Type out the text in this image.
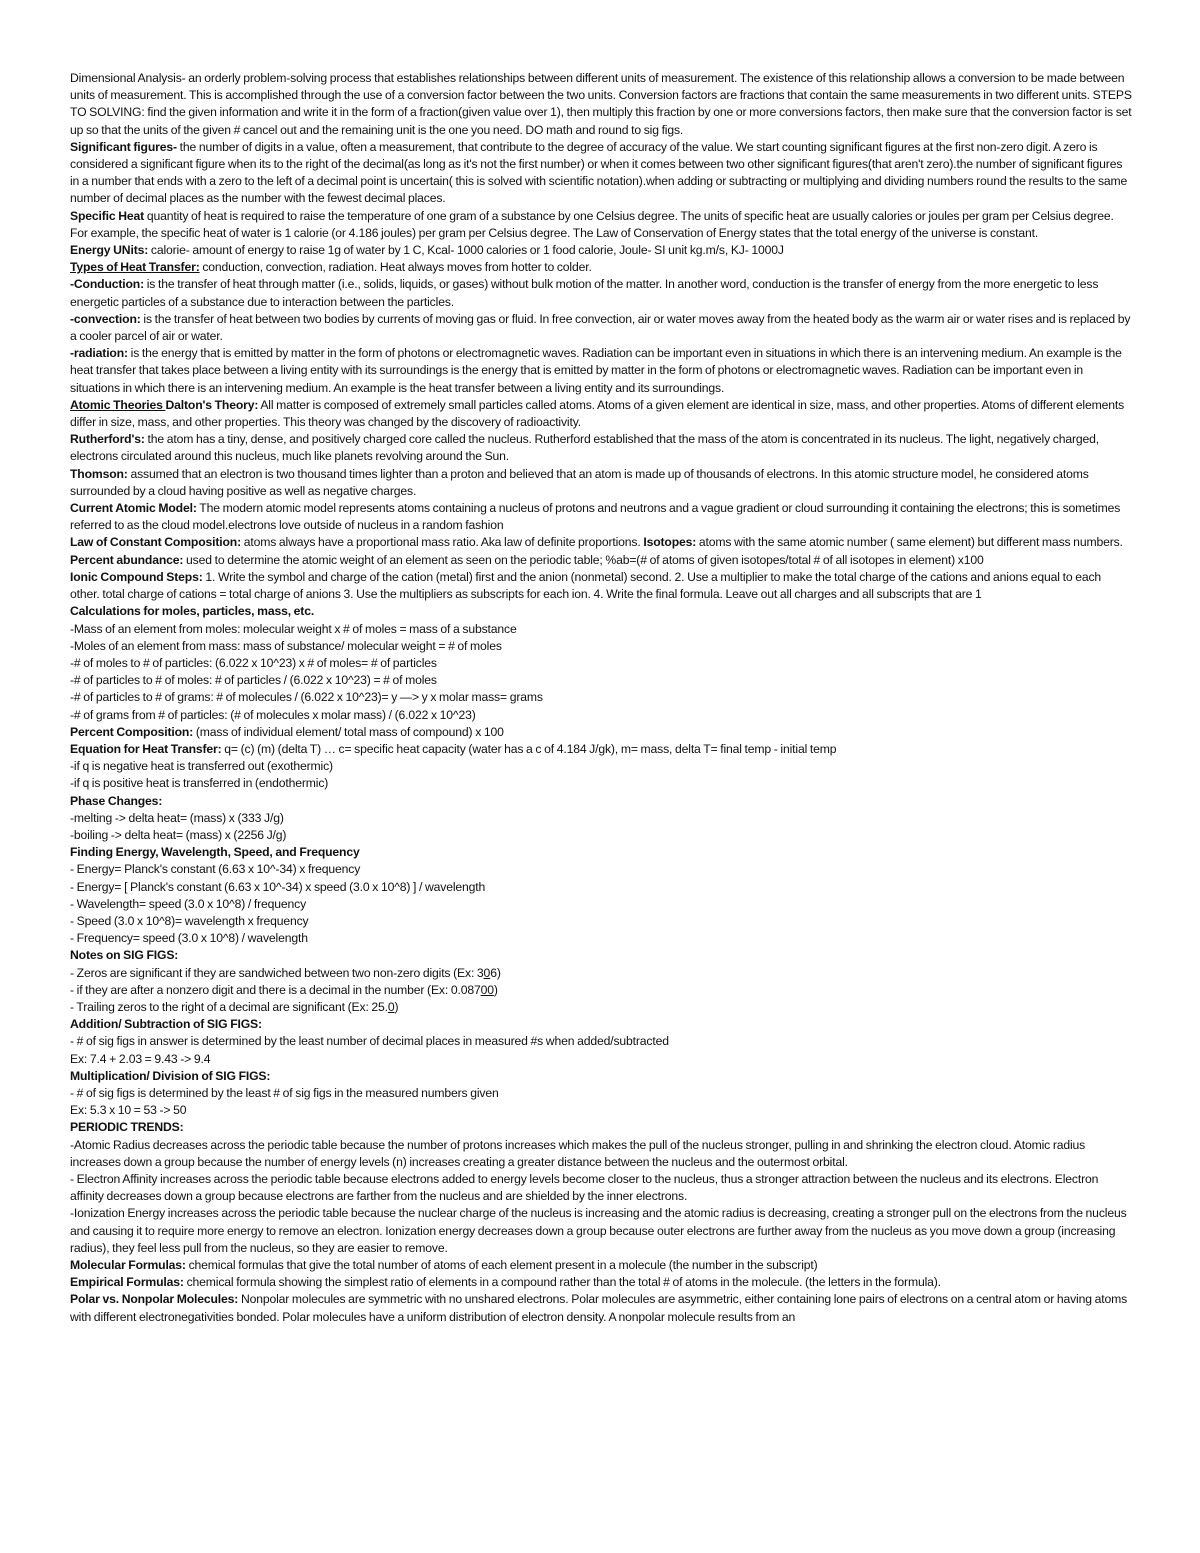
Dimensional Analysis- an orderly problem-solving process that establishes relationships between different units of measurement. The existence of this relationship allows a conversion to be made between units of measurement. This is accomplished through the use of a conversion factor between the two units. Conversion factors are fractions that contain the same measurements in two different units. STEPS TO SOLVING: find the given information and write it in the form of a fraction(given value over 1), then multiply this fraction by one or more conversions factors, then make sure that the conversion factor is set up so that the units of the given # cancel out and the remaining unit is the one you need. DO math and round to sig figs.

Significant figures- the number of digits in a value, often a measurement, that contribute to the degree of accuracy of the value. We start counting significant figures at the first non-zero digit. A zero is considered a significant figure when its to the right of the decimal(as long as it's not the first number) or when it comes between two other significant figures(that aren't zero).the number of significant figures in a number that ends with a zero to the left of a decimal point is uncertain( this is solved with scientific notation).when adding or subtracting or multiplying and dividing numbers round the results to the same number of decimal places as the number with the fewest decimal places.

Specific Heat quantity of heat is required to raise the temperature of one gram of a substance by one Celsius degree. The units of specific heat are usually calories or joules per gram per Celsius degree. For example, the specific heat of water is 1 calorie (or 4.186 joules) per gram per Celsius degree. The Law of Conservation of Energy states that the total energy of the universe is constant.

Energy UNits: calorie- amount of energy to raise 1g of water by 1 C, Kcal- 1000 calories or 1 food calorie, Joule- SI unit kg.m/s, KJ- 1000J

Types of Heat Transfer: conduction, convection, radiation. Heat always moves from hotter to colder.

-Conduction: is the transfer of heat through matter (i.e., solids, liquids, or gases) without bulk motion of the matter. In another word, conduction is the transfer of energy from the more energetic to less energetic particles of a substance due to interaction between the particles.

-convection: is the transfer of heat between two bodies by currents of moving gas or fluid. In free convection, air or water moves away from the heated body as the warm air or water rises and is replaced by a cooler parcel of air or water.

-radiation: is the energy that is emitted by matter in the form of photons or electromagnetic waves. Radiation can be important even in situations in which there is an intervening medium. An example is the heat transfer that takes place between a living entity with its surroundings is the energy that is emitted by matter in the form of photons or electromagnetic waves. Radiation can be important even in situations in which there is an intervening medium. An example is the heat transfer between a living entity and its surroundings.

Atomic Theories Dalton's Theory: All matter is composed of extremely small particles called atoms. Atoms of a given element are identical in size, mass, and other properties. Atoms of different elements differ in size, mass, and other properties. This theory was changed by the discovery of radioactivity.

Rutherford's: the atom has a tiny, dense, and positively charged core called the nucleus. Rutherford established that the mass of the atom is concentrated in its nucleus. The light, negatively charged, electrons circulated around this nucleus, much like planets revolving around the Sun.

Thomson: assumed that an electron is two thousand times lighter than a proton and believed that an atom is made up of thousands of electrons. In this atomic structure model, he considered atoms surrounded by a cloud having positive as well as negative charges.

Current Atomic Model: The modern atomic model represents atoms containing a nucleus of protons and neutrons and a vague gradient or cloud surrounding it containing the electrons; this is sometimes referred to as the cloud model.electrons love outside of nucleus in a random fashion

Law of Constant Composition: atoms always have a proportional mass ratio. Aka law of definite proportions. Isotopes: atoms with the same atomic number ( same element) but different mass numbers.

Percent abundance: used to determine the atomic weight of an element as seen on the periodic table; %ab=(# of atoms of given isotopes/total # of all isotopes in element) x100

Ionic Compound Steps: 1. Write the symbol and charge of the cation (metal) first and the anion (nonmetal) second. 2. Use a multiplier to make the total charge of the cations and anions equal to each other. total charge of cations = total charge of anions 3. Use the multipliers as subscripts for each ion. 4. Write the final formula. Leave out all charges and all subscripts that are 1

Calculations for moles, particles, mass, etc.

-Mass of an element from moles: molecular weight x # of moles = mass of a substance

-Moles of an element from mass: mass of substance/ molecular weight = # of moles

-# of moles to # of particles: (6.022 x 10^23) x # of moles= # of particles

-# of particles to # of moles: # of particles / (6.022 x 10^23) = # of moles

-# of particles to # of grams: # of molecules / (6.022 x 10^23)= y —> y x molar mass= grams

-# of grams from # of particles: (# of molecules x molar mass) / (6.022 x 10^23)

Percent Composition: (mass of individual element/ total mass of compound) x 100

Equation for Heat Transfer: q= (c) (m) (delta T) … c= specific heat capacity (water has a c of 4.184 J/gk), m= mass, delta T= final temp - initial temp

-if q is negative heat is transferred out (exothermic)

-if q is positive heat is transferred in (endothermic)

Phase Changes:

-melting -> delta heat= (mass) x (333 J/g)

-boiling -> delta heat= (mass) x (2256 J/g)

Finding Energy, Wavelength, Speed, and Frequency

- Energy= Planck's constant (6.63 x 10^-34) x frequency

- Energy= [ Planck's constant (6.63 x 10^-34) x speed (3.0 x 10^8) ] / wavelength

- Wavelength= speed (3.0 x 10^8) / frequency

- Speed (3.0 x 10^8)= wavelength x frequency

- Frequency= speed (3.0 x 10^8) / wavelength

Notes on SIG FIGS:

- Zeros are significant if they are sandwiched between two non-zero digits (Ex: 306)

- if they are after a nonzero digit and there is a decimal in the number (Ex: 0.08700)

- Trailing zeros to the right of a decimal are significant (Ex: 25.0)

Addition/ Subtraction of SIG FIGS:

- # of sig figs in answer is determined by the least number of decimal places in measured #s when added/subtracted

Ex: 7.4 + 2.03 = 9.43 -> 9.4

Multiplication/ Division of SIG FIGS:

- # of sig figs is determined by the least # of sig figs in the measured numbers given

Ex: 5.3 x 10 = 53 -> 50

PERIODIC TRENDS:

-Atomic Radius decreases across the periodic table because the number of protons increases which makes the pull of the nucleus stronger, pulling in and shrinking the electron cloud. Atomic radius increases down a group because the number of energy levels (n) increases creating a greater distance between the nucleus and the outermost orbital.

- Electron Affinity increases across the periodic table because electrons added to energy levels become closer to the nucleus, thus a stronger attraction between the nucleus and its electrons. Electron affinity decreases down a group because electrons are farther from the nucleus and are shielded by the inner electrons.

-Ionization Energy increases across the periodic table because the nuclear charge of the nucleus is increasing and the atomic radius is decreasing, creating a stronger pull on the electrons from the nucleus and causing it to require more energy to remove an electron. Ionization energy decreases down a group because outer electrons are further away from the nucleus as you move down a group (increasing radius), they feel less pull from the nucleus, so they are easier to remove.

Molecular Formulas: chemical formulas that give the total number of atoms of each element present in a molecule (the number in the subscript)

Empirical Formulas: chemical formula showing the simplest ratio of elements in a compound rather than the total # of atoms in the molecule. (the letters in the formula).

Polar vs. Nonpolar Molecules: Nonpolar molecules are symmetric with no unshared electrons. Polar molecules are asymmetric, either containing lone pairs of electrons on a central atom or having atoms with different electronegativities bonded. Polar molecules have a uniform distribution of electron density. A nonpolar molecule results from an
